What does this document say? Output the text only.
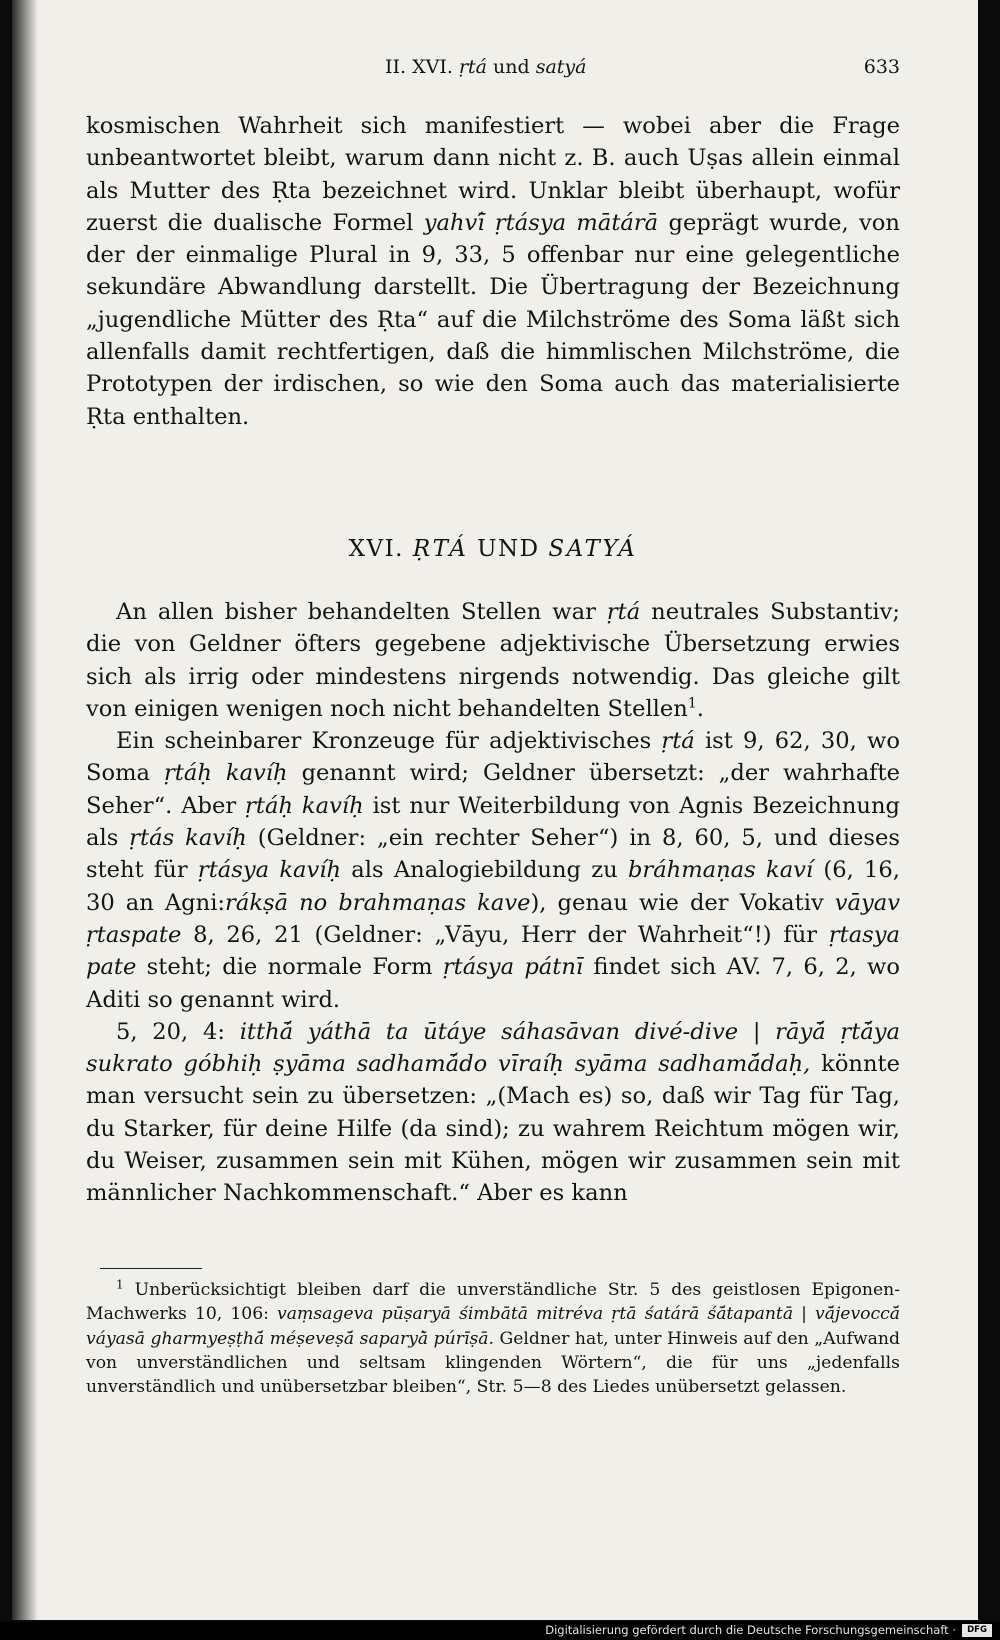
II. XVI. ṛtá und satyá	633

kosmischen Wahrheit sich manifestiert — wobei aber die Frage unbeantwortet bleibt, warum dann nicht z. B. auch Uṣas allein einmal als Mutter des Ṛta bezeichnet wird. Unklar bleibt überhaupt, wofür zuerst die dualische Formel yahvī́ ṛtásya mātárā geprägt wurde, von der der einmalige Plural in 9, 33, 5 offenbar nur eine gelegentliche sekundäre Abwandlung darstellt. Die Übertragung der Bezeichnung „jugendliche Mütter des Ṛta“ auf die Milchströme des Soma läßt sich allenfalls damit rechtfertigen, daß die himmlischen Milchströme, die Prototypen der irdischen, so wie den Soma auch das materialisierte Ṛta enthalten.

XVI. ṚTÁ UND SATYÁ

An allen bisher behandelten Stellen war ṛtá neutrales Substantiv; die von Geldner öfters gegebene adjektivische Übersetzung erwies sich als irrig oder mindestens nirgends notwendig. Das gleiche gilt von einigen wenigen noch nicht behandelten Stellen$^1$.

Ein scheinbarer Kronzeuge für adjektivisches ṛtá ist 9, 62, 30, wo Soma ṛtáḥ kavíḥ genannt wird; Geldner übersetzt: „der wahrhafte Seher“. Aber ṛtáḥ kavíḥ ist nur Weiterbildung von Agnis Bezeichnung als ṛtás kavíḥ (Geldner: „ein rechter Seher“) in 8, 60, 5, und dieses steht für ṛtásya kavíḥ als Analogiebildung zu bráhmaṇas kaví (6, 16, 30 an Agni:rákṣā no brahmaṇas kave), genau wie der Vokativ vāyav ṛtaspate 8, 26, 21 (Geldner: „Vāyu, Herr der Wahrheit“!) für ṛtasya pate steht; die normale Form ṛtásya pátnī findet sich AV. 7, 6, 2, wo Aditi so genannt wird.

5, 20, 4: itthā́ yáthā ta ūtáye sáhasāvan divé-dive | rāyā́ ṛtā́ya sukrato góbhiḥ ṣyāma sadhamā́do vīraíḥ syāma sadhamā́daḥ, könnte man versucht sein zu übersetzen: „(Mach es) so, daß wir Tag für Tag, du Starker, für deine Hilfe (da sind); zu wahrem Reichtum mögen wir, du Weiser, zusammen sein mit Kühen, mögen wir zusammen sein mit männlicher Nachkommenschaft.“ Aber es kann

$^1$ Unberücksichtigt bleiben darf die unverständliche Str. 5 des geistlosen Epigonen-Machwerks 10, 106: vaṃsageva pūṣaryā śimbātā mitréva ṛtā śatárā śā́tapantā | vā́jevoccā́ váyasā gharmyeṣṭhā́ méṣeveṣā́ saparyā̀ púrīṣā. Geldner hat, unter Hinweis auf den „Aufwand von unverständlichen und seltsam klingenden Wörtern“, die für uns „jedenfalls unverständlich und unübersetzbar bleiben“, Str. 5—8 des Liedes unübersetzt gelassen.

Digitalisierung gefördert durch die Deutsche Forschungsgemeinschaft ·	DFG
